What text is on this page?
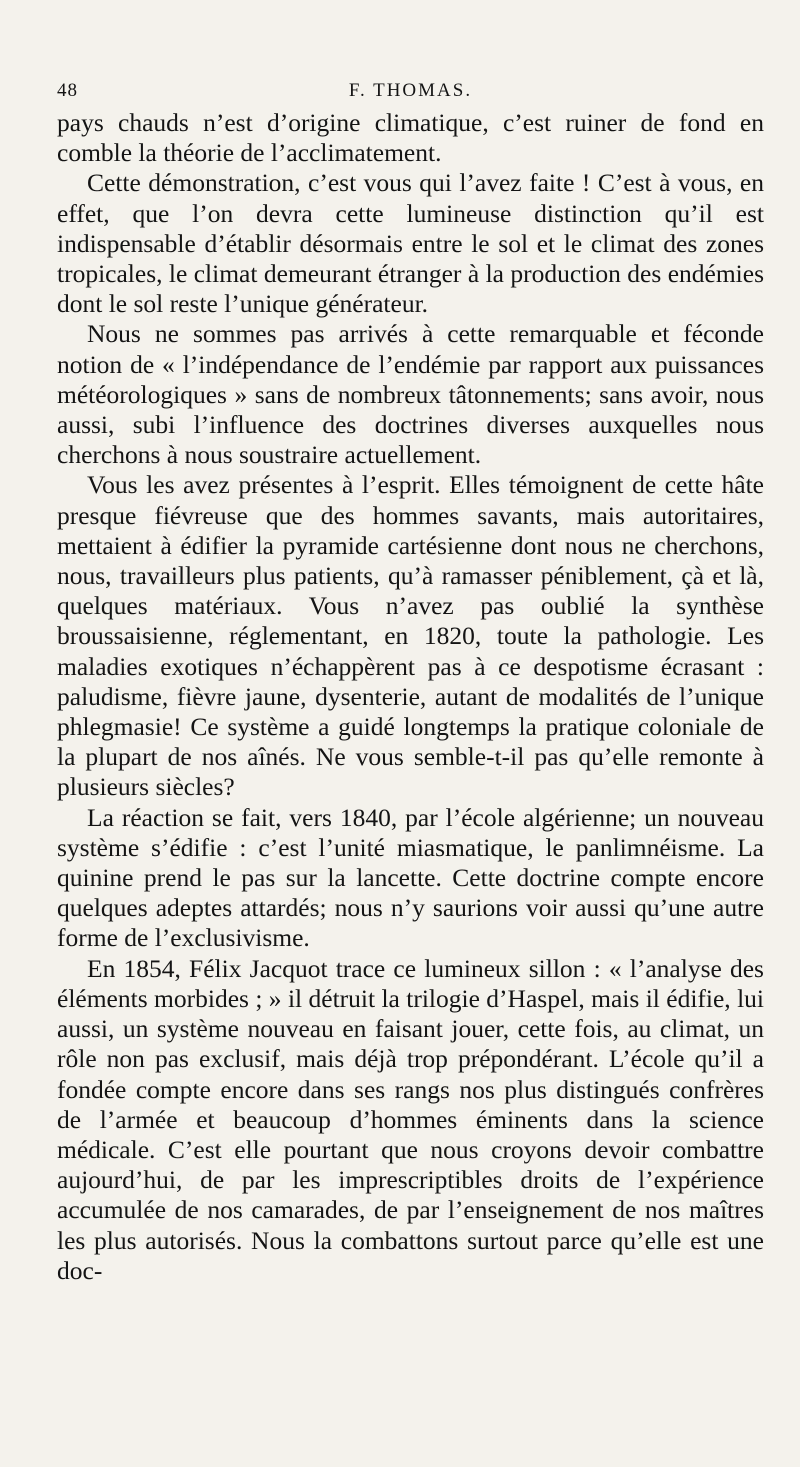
48	F. THOMAS.

pays chauds n’est d’origine climatique, c’est ruiner de fond en comble la théorie de l’acclimatement.

Cette démonstration, c’est vous qui l’avez faite ! C’est à vous, en effet, que l’on devra cette lumineuse distinction qu’il est indispensable d’établir désormais entre le sol et le climat des zones tropicales, le climat demeurant étranger à la production des endémies dont le sol reste l’unique générateur.

Nous ne sommes pas arrivés à cette remarquable et féconde notion de « l’indépendance de l’endémie par rapport aux puissances météorologiques » sans de nombreux tâtonnements; sans avoir, nous aussi, subi l’influence des doctrines diverses auxquelles nous cherchons à nous soustraire actuellement.

Vous les avez présentes à l’esprit. Elles témoignent de cette hâte presque fiévreuse que des hommes savants, mais autoritaires, mettaient à édifier la pyramide cartésienne dont nous ne cherchons, nous, travailleurs plus patients, qu’à ramasser péniblement, çà et là, quelques matériaux. Vous n’avez pas oublié la synthèse broussaisienne, réglementant, en 1820, toute la pathologie. Les maladies exotiques n’échappèrent pas à ce despotisme écrasant : paludisme, fièvre jaune, dysenterie, autant de modalités de l’unique phlegmasie! Ce système a guidé longtemps la pratique coloniale de la plupart de nos aînés. Ne vous semble-t-il pas qu’elle remonte à plusieurs siècles?

La réaction se fait, vers 1840, par l’école algérienne; un nouveau système s’édifie : c’est l’unité miasmatique, le panlimnéisme. La quinine prend le pas sur la lancette. Cette doctrine compte encore quelques adeptes attardés; nous n’y saurions voir aussi qu’une autre forme de l’exclusivisme.

En 1854, Félix Jacquot trace ce lumineux sillon : « l’analyse des éléments morbides ; » il détruit la trilogie d’Haspel, mais il édifie, lui aussi, un système nouveau en faisant jouer, cette fois, au climat, un rôle non pas exclusif, mais déjà trop prépondérant. L’école qu’il a fondée compte encore dans ses rangs nos plus distingués confrères de l’armée et beaucoup d’hommes éminents dans la science médicale. C’est elle pourtant que nous croyons devoir combattre aujourd’hui, de par les imprescriptibles droits de l’expérience accumulée de nos camarades, de par l’enseignement de nos maîtres les plus autorisés. Nous la combattons surtout parce qu’elle est une doc-
